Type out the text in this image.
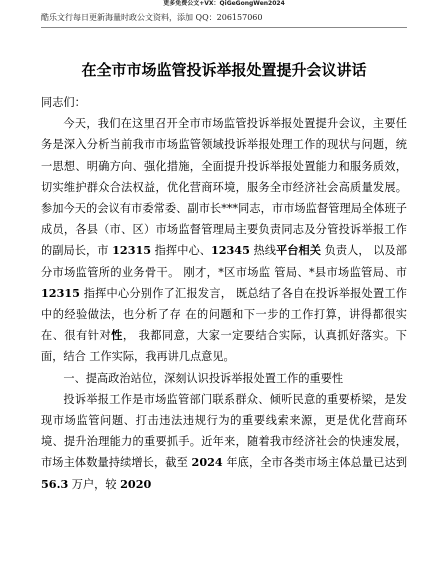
更多免费公文+VX：QiGeGongWen2024
酷乐文行每日更新海量时政公文资料，添加 QQ：206157060
在全市市场监管投诉举报处置提升会议讲话

同志们：

今天，我们在这里召开全市市场监管投诉举报处置提升会议，主要任务是深入分析当前我市市场监管领域投诉举报处理工作的现状与问题，统一思想、明确方向、强化措施，全面提升投诉举报处置能力和服务质效，切实维护群众合法权益，优化营商环境，服务全市经济社会高质量发展。参加今天的会议有市委常委、副市长***同志，市市场监督管理局全体班子成员，各县（市、区）市场监督管理局主要负责同志及分管投诉举报工作的副局长，市 12315 指挥中心、12345 热线平台相关 负责人， 以及部分市场监管所的业务骨干。 刚才，*区市场监 管局、*县市场监管局、市 12315 指挥中心分别作了汇报发言， 既总结了各自在投诉举报处置工作中的经验做法，也分析了存 在的问题和下一步的工作打算，讲得都很实在、很有针对性， 我都同意，大家一定要结合实际，认真抓好落实。下面，结合 工作实际，我再讲几点意见。

一、提高政治站位，深刻认识投诉举报处置工作的重要性

投诉举报工作是市场监管部门联系群众、倾听民意的重要桥梁，是发现市场监管问题、打击违法违规行为的重要线索来源，更是优化营商环境、提升治理能力的重要抓手。近年来，随着我市经济社会的快速发展，市场主体数量持续增长，截至 2024 年底，全市各类市场主体总量已达到 56.3 万户，较 2020
